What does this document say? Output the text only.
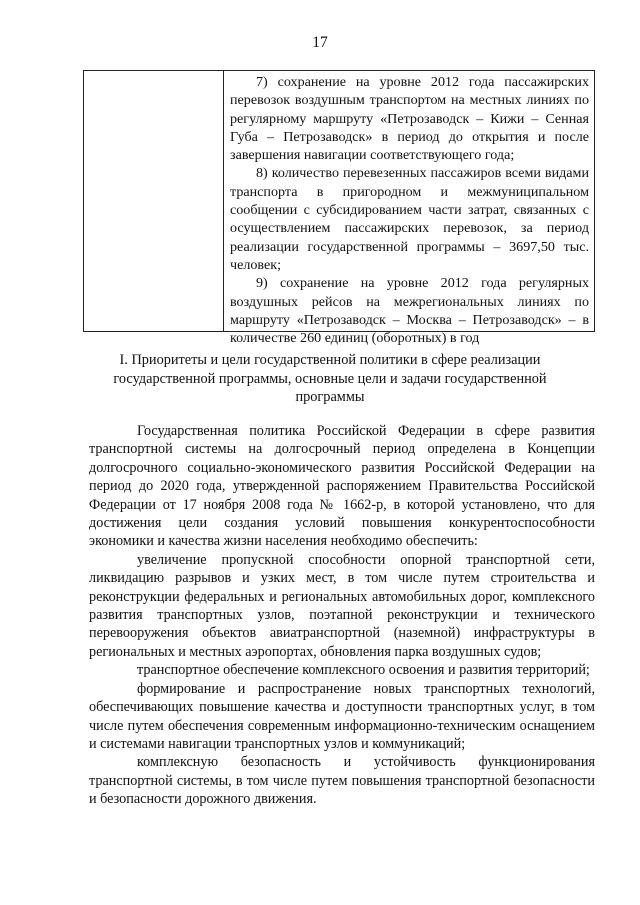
17

7) сохранение на уровне 2012 года пассажирских перевозок воздушным транспортом на местных линиях по регулярному маршруту «Петрозаводск – Кижи – Сенная Губа – Петрозаводск» в период до открытия и после завершения навигации соответствующего года;

8) количество перевезенных пассажиров всеми видами транспорта в пригородном и межмуниципальном сообщении с субсидированием части затрат, связанных с осуществлением пассажирских перевозок, за период реализации государственной программы – 3697,50 тыс. человек;

9) сохранение на уровне 2012 года регулярных воздушных рейсов на межрегиональных линиях по маршруту «Петрозаводск – Москва – Петрозаводск» – в количестве 260 единиц (оборотных) в год

I. Приоритеты и цели государственной политики в сфере реализации государственной программы, основные цели и задачи государственной программы

Государственная политика Российской Федерации в сфере развития транспортной системы на долгосрочный период определена в Концепции долгосрочного социально-экономического развития Российской Федерации на период до 2020 года, утвержденной распоряжением Правительства Российской Федерации от 17 ноября 2008 года № 1662-р, в которой установлено, что для достижения цели создания условий повышения конкурентоспособности экономики и качества жизни населения необходимо обеспечить:

увеличение пропускной способности опорной транспортной сети, ликвидацию разрывов и узких мест, в том числе путем строительства и реконструкции федеральных и региональных автомобильных дорог, комплексного развития транспортных узлов, поэтапной реконструкции и технического перевооружения объектов авиатранспортной (наземной) инфраструктуры в региональных и местных аэропортах, обновления парка воздушных судов;

транспортное обеспечение комплексного освоения и развития территорий;

формирование и распространение новых транспортных технологий, обеспечивающих повышение качества и доступности транспортных услуг, в том числе путем обеспечения современным информационно-техническим оснащением и системами навигации транспортных узлов и коммуникаций;

комплексную безопасность и устойчивость функционирования транспортной системы, в том числе путем повышения транспортной безопасности и безопасности дорожного движения.
